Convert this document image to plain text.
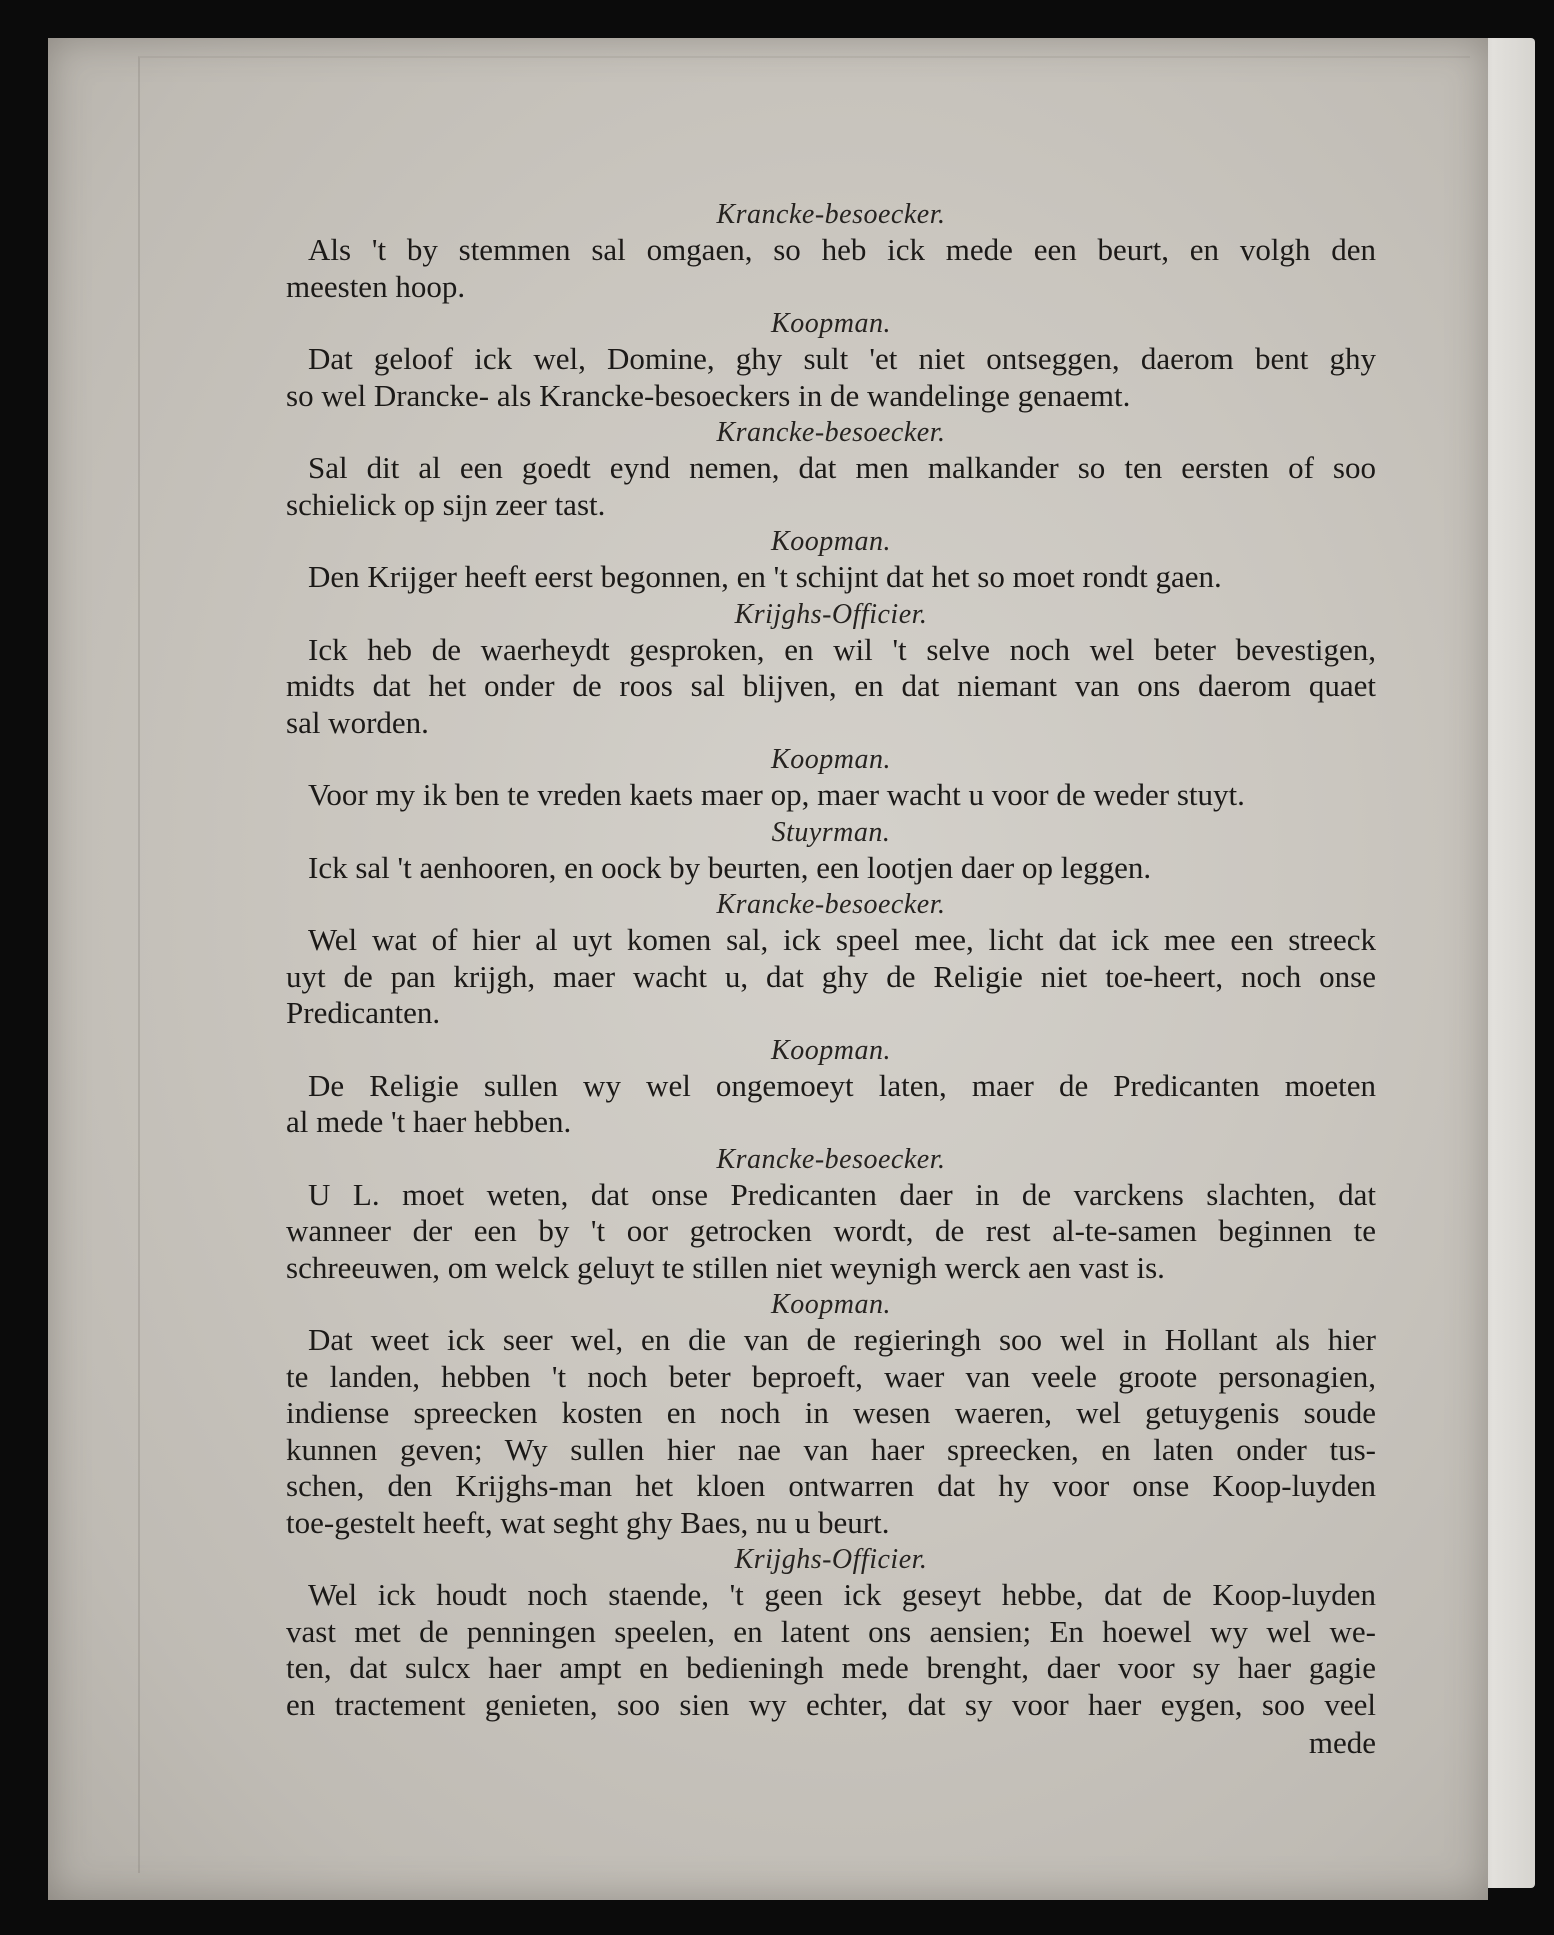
Krancke-besoecker.
Als 't by stemmen sal omgaen, so heb ick mede een beurt, en volgh den
meesten hoop.
Koopman.
Dat geloof ick wel, Domine, ghy sult 'et niet ontseggen, daerom bent ghy
so wel Drancke- als Krancke-besoeckers in de wandelinge genaemt.
Krancke-besoecker.
Sal dit al een goedt eynd nemen, dat men malkander so ten eersten of soo
schielick op sijn zeer tast.
Koopman.
Den Krijger heeft eerst begonnen, en 't schijnt dat het so moet rondt gaen.
Krijghs-Officier.
Ick heb de waerheydt gesproken, en wil 't selve noch wel beter bevestigen,
midts dat het onder de roos sal blijven, en dat niemant van ons daerom quaet
sal worden.
Koopman.
Voor my ik ben te vreden kaets maer op, maer wacht u voor de weder stuyt.
Stuyrman.
Ick sal 't aenhooren, en oock by beurten, een lootjen daer op leggen.
Krancke-besoecker.
Wel wat of hier al uyt komen sal, ick speel mee, licht dat ick mee een streeck
uyt de pan krijgh, maer wacht u, dat ghy de Religie niet toe-heert, noch onse
Predicanten.
Koopman.
De Religie sullen wy wel ongemoeyt laten, maer de Predicanten moeten
al mede 't haer hebben.
Krancke-besoecker.
U L. moet weten, dat onse Predicanten daer in de varckens slachten, dat
wanneer der een by 't oor getrocken wordt, de rest al-te-samen beginnen te
schreeuwen, om welck geluyt te stillen niet weynigh werck aen vast is.
Koopman.
Dat weet ick seer wel, en die van de regieringh soo wel in Hollant als hier
te landen, hebben 't noch beter beproeft, waer van veele groote personagien,
indiense spreecken kosten en noch in wesen waeren, wel getuygenis soude
kunnen geven; Wy sullen hier nae van haer spreecken, en laten onder tus-
schen, den Krijghs-man het kloen ontwarren dat hy voor onse Koop-luyden
toe-gestelt heeft, wat seght ghy Baes, nu u beurt.
Krijghs-Officier.
Wel ick houdt noch staende, 't geen ick geseyt hebbe, dat de Koop-luyden
vast met de penningen speelen, en latent ons aensien; En hoewel wy wel we-
ten, dat sulcx haer ampt en bedieningh mede brenght, daer voor sy haer gagie
en tractement genieten, soo sien wy echter, dat sy voor haer eygen, soo veel
mede
